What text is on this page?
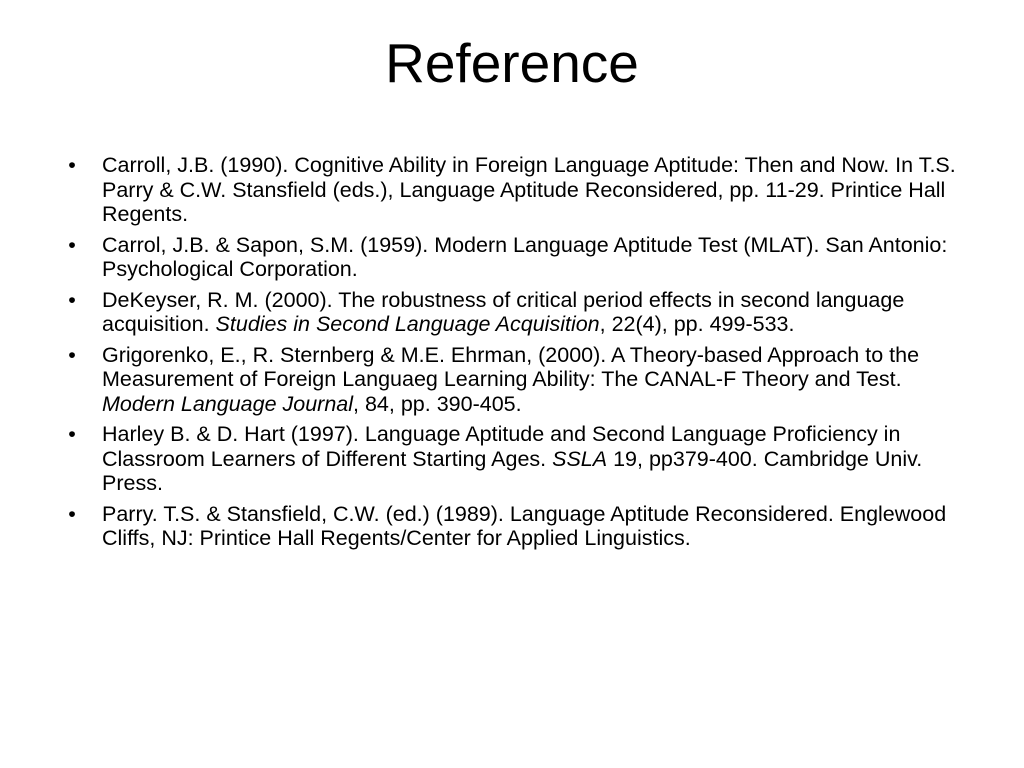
Reference
• Carroll, J.B. (1990). Cognitive Ability in Foreign Language Aptitude: Then and Now. In T.S. Parry & C.W. Stansfield (eds.), Language Aptitude Reconsidered, pp. 11-29. Printice Hall Regents.
• Carrol, J.B. & Sapon, S.M. (1959). Modern Language Aptitude Test (MLAT). San Antonio: Psychological Corporation.
• DeKeyser, R. M. (2000). The robustness of critical period effects in second language acquisition. Studies in Second Language Acquisition, 22(4), pp. 499-533.
• Grigorenko, E., R. Sternberg & M.E. Ehrman, (2000). A Theory-based Approach to the Measurement of Foreign Languaeg Learning Ability: The CANAL-F Theory and Test. Modern Language Journal, 84, pp. 390-405.
• Harley B. & D. Hart (1997). Language Aptitude and Second Language Proficiency in Classroom Learners of Different Starting Ages. SSLA 19, pp379-400. Cambridge Univ. Press.
• Parry. T.S. & Stansfield, C.W. (ed.) (1989). Language Aptitude Reconsidered. Englewood Cliffs, NJ: Printice Hall Regents/Center for Applied Linguistics.
